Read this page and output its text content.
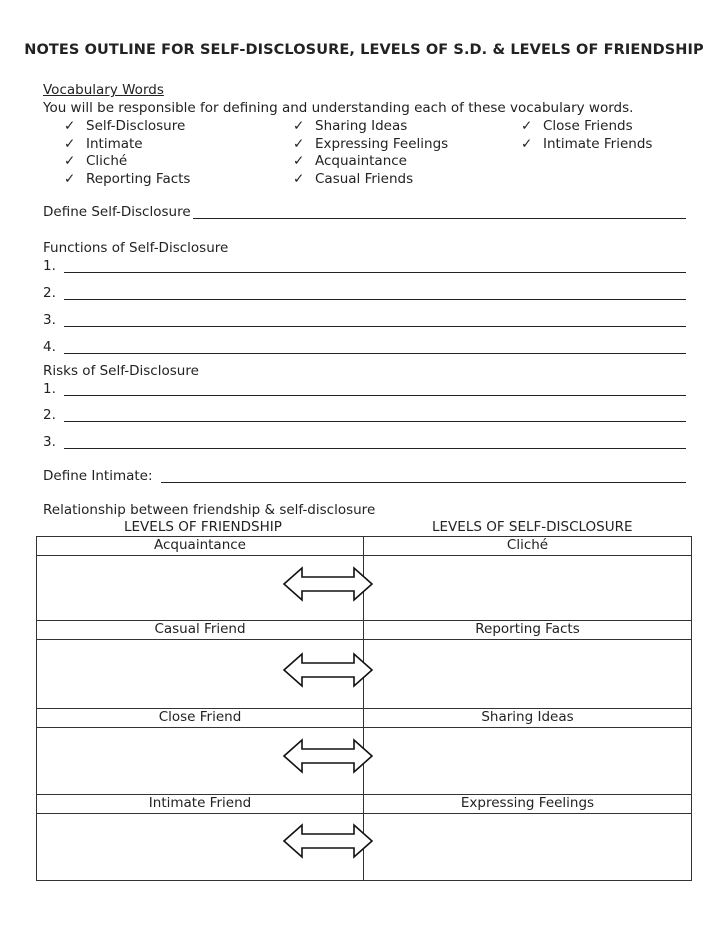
NOTES OUTLINE FOR SELF-DISCLOSURE, LEVELS OF S.D. & LEVELS OF FRIENDSHIP
Vocabulary Words
You will be responsible for defining and understanding each of these vocabulary words.
✓ Self-Disclosure
✓ Intimate
✓ Cliché
✓ Reporting Facts
✓ Sharing Ideas
✓ Expressing Feelings
✓ Acquaintance
✓ Casual Friends
✓ Close Friends
✓ Intimate Friends
Define Self-Disclosure
Functions of Self-Disclosure
1.
2.
3.
4.
Risks of Self-Disclosure
1.
2.
3.
Define Intimate:
Relationship between friendship & self-disclosure
LEVELS OF FRIENDSHIP	LEVELS OF SELF-DISCLOSURE
Acquaintance	Cliché

Casual Friend	Reporting Facts

Close Friend	Sharing Ideas

Intimate Friend	Expressing Feelings
